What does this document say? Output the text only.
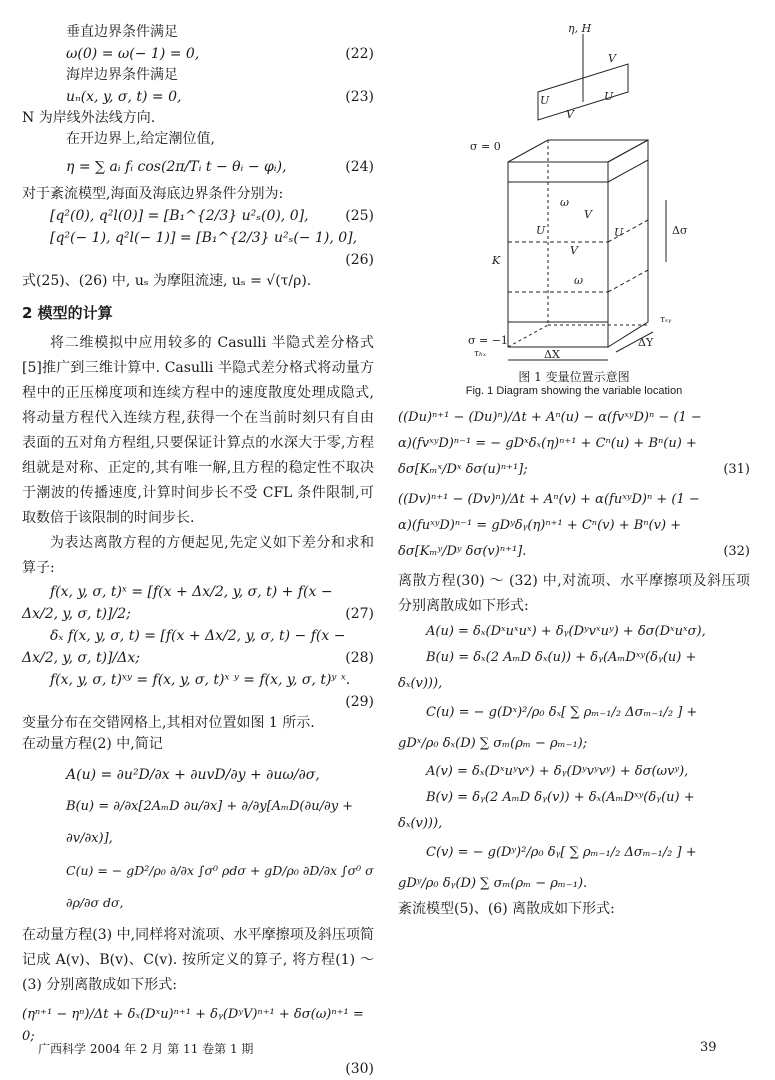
垂直边界条件满足
ω(0) = ω(− 1) = 0,	(22)
海岸边界条件满足
uₙ(x, y, σ, t) = 0,	(23)
N 为岸线外法线方向.
在开边界上,给定潮位值,
η = ∑ aᵢ fᵢ cos(2π/Tᵢ t − θᵢ − φᵢ),	(24)
对于紊流模型,海面及海底边界条件分别为:
[q²(0), q²l(0)] = [B₁^{2/3} u²ₛ(0), 0],	(25)
[q²(− 1), q²l(− 1)] = [B₁^{2/3} u²ₛ(− 1), 0],
(26)
式(25)、(26) 中, uₛ 为摩阻流速, uₛ = √(τ/ρ).
2 模型的计算
将二维模拟中应用较多的 Casulli 半隐式差分格式[5]推广到三维计算中. Casulli 半隐式差分格式将动量方程中的正压梯度项和连续方程中的速度散度处理成隐式,将动量方程代入连续方程,获得一个在当前时刻只有自由表面的五对角方程组,只要保证计算点的水深大于零,方程组就是对称、正定的,其有唯一解,且方程的稳定性不取决于潮波的传播速度,计算时间步长不受 CFL 条件限制,可取数倍于该限制的时间步长.
为表达离散方程的方便起见,先定义如下差分和求和算子:
f(x, y, σ, t)ˣ = [f(x + Δx/2, y, σ, t) + f(x −
Δx/2, y, σ, t)]/2;	(27)
δₓ f(x, y, σ, t) = [f(x + Δx/2, y, σ, t) − f(x −
Δx/2, y, σ, t)]/Δx;	(28)
f(x, y, σ, t)ˣʸ = f(x, y, σ, t)ˣ ʸ = f(x, y, σ, t)ʸ ˣ.
(29)
变量分布在交错网格上,其相对位置如图 1 所示.
在动量方程(2) 中,简记
A(u) = ∂u²D/∂x + ∂uvD/∂y + ∂uω/∂σ,
B(u) = ∂/∂x[2AₘD ∂u/∂x] + ∂/∂y[AₘD(∂u/∂y + ∂v/∂x)],
C(u) = − gD²/ρ₀ ∂/∂x ∫σ⁰ ρdσ + gD/ρ₀ ∂D/∂x ∫σ⁰ σ ∂ρ/∂σ dσ,
在动量方程(3) 中,同样将对流项、水平摩擦项及斜压项简记成 A(v)、B(v)、C(v). 按所定义的算子, 将方程(1) ～ (3) 分别离散成如下形式:
(ηⁿ⁺¹ − ηⁿ)/Δt + δₓ(Dˣu)ⁿ⁺¹ + δᵧ(DʸV)ⁿ⁺¹ + δσ(ω)ⁿ⁺¹ = 0;
(30)
η, H
V
U	U
V
σ = 0
ω
V
U	U
V
Δσ
K
ω
τₛᵧ
ΔY
σ = −1
τₕₓ	ΔX
图 1 变量位置示意图
Fig. 1 Diagram showing the variable location
((Du)ⁿ⁺¹ − (Du)ⁿ)/Δt + Aⁿ(u) − α(fvˣʸD)ⁿ − (1 −
α)(fvˣʸD)ⁿ⁻¹ = − gDˣδₓ(η)ⁿ⁺¹ + Cⁿ(u) + Bⁿ(u) +
δσ[Kₘˣ/Dˣ δσ(u)ⁿ⁺¹];	(31)
((Dv)ⁿ⁺¹ − (Dv)ⁿ)/Δt + Aⁿ(v) + α(fuˣʸD)ⁿ + (1 −
α)(fuˣʸD)ⁿ⁻¹ = gDʸδᵧ(η)ⁿ⁺¹ + Cⁿ(v) + Bⁿ(v) +
δσ[Kₘʸ/Dʸ δσ(v)ⁿ⁺¹].	(32)
离散方程(30) ～ (32) 中,对流项、水平摩擦项及斜压项分别离散成如下形式:
A(u) = δₓ(Dˣuˣuˣ) + δᵧ(Dʸvˣuʸ) + δσ(Dˣuˣσ),
B(u) = δₓ(2 AₘD δₓ(u)) + δᵧ(AₘDˣʸ(δᵧ(u) +
δₓ(v))),
C(u) = − g(Dˣ)²/ρ₀ δₓ[ ∑ ρₘ₋₁/₂ Δσₘ₋₁/₂ ] +
gDˣ/ρ₀ δₓ(D) ∑ σₘ(ρₘ − ρₘ₋₁);
A(v) = δₓ(Dˣuʸvˣ) + δᵧ(Dʸvʸvʸ) + δσ(ωvʸ),
B(v) = δᵧ(2 AₘD δᵧ(v)) + δₓ(AₘDˣʸ(δᵧ(u) +
δₓ(v))),
C(v) = − g(Dʸ)²/ρ₀ δᵧ[ ∑ ρₘ₋₁/₂ Δσₘ₋₁/₂ ] +
gDʸ/ρ₀ δᵧ(D) ∑ σₘ(ρₘ − ρₘ₋₁).
紊流模型(5)、(6) 离散成如下形式:
广西科学 2004 年 2 月 第 11 卷第 1 期	39
